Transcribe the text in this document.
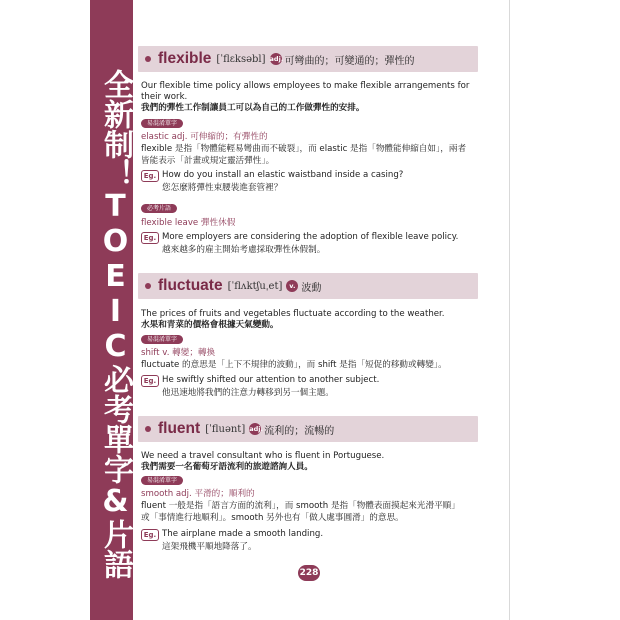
全新制！TOEIC必考單字&片語
flexible [ˈflɛksəbl] adj. 可彎曲的；可變通的；彈性的
Our flexible time policy allows employees to make flexible arrangements for their work.
我們的彈性工作制讓員工可以為自己的工作做彈性的安排。
易混淆單字
elastic adj. 可伸縮的；有彈性的
flexible 是指「物體能輕易彎曲而不破裂」，而 elastic 是指「物體能伸縮自如」，兩者
皆能表示「計畫或規定靈活彈性」。
Eg. How do you install an elastic waistband inside a casing?
您怎麼將彈性束腰裝進套管裡？
必考片語
flexible leave 彈性休假
Eg. More employers are considering the adoption of flexible leave policy.
越來越多的雇主開始考慮採取彈性休假制。
fluctuate [ˈflʌktʃuˌet]	v. 波動
The prices of fruits and vegetables fluctuate according to the weather.
水果和青菜的價格會根據天氣變動。
易混淆單字
shift v. 轉變；轉換
fluctuate 的意思是「上下不規律的波動」，而 shift 是指「短促的移動或轉變」。
Eg. He swiftly shifted our attention to another subject.
他迅速地將我們的注意力轉移到另一個主題。
fluent [ˈfluənt] adj. 流利的；流暢的
We need a travel consultant who is fluent in Portuguese.
我們需要一名葡萄牙語流利的旅遊諮詢人員。
易混淆單字
smooth adj. 平滑的；順利的
fluent 一般是指「語言方面的流利」，而 smooth 是指「物體表面摸起來光滑平順」
或「事情進行地順利」。smooth 另外也有「做人處事圓滑」的意思。
Eg. The airplane made a smooth landing.
這架飛機平順地降落了。
228
